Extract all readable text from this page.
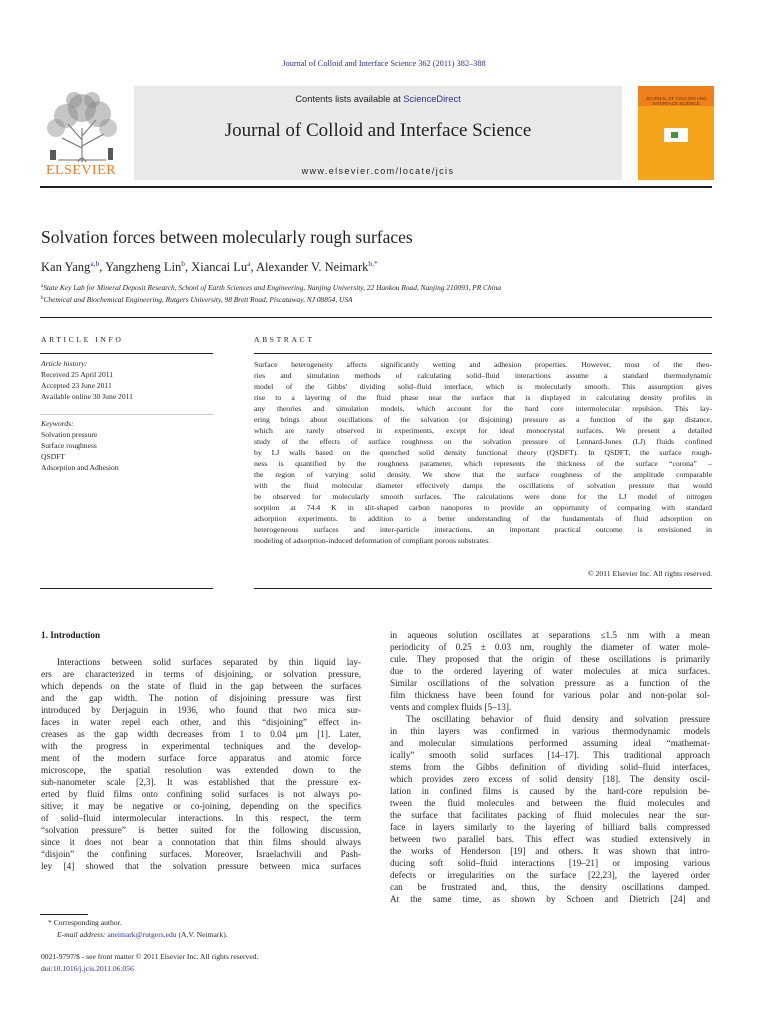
Journal of Colloid and Interface Science 362 (2011) 382–388
ELSEVIER
Contents lists available at ScienceDirect
Journal of Colloid and Interface Science
www.elsevier.com/locate/jcis
JOURNAL OF COLLOID AND INTERFACE SCIENCE
Solvation forces between molecularly rough surfaces
Kan Yang$^{a,b}$, Yangzheng Lin$^b$, Xiancai Lu$^a$, Alexander V. Neimark$^{b,*}$
$^a$State Key Lab for Mineral Deposit Research, School of Earth Sciences and Engineering, Nanjing University, 22 Hankou Road, Nanjing 210093, PR China
$^b$Chemical and Biochemical Engineering, Rutgers University, 98 Brett Road, Piscataway, NJ 08854, USA
ARTICLE INFO
Article history:
Received 25 April 2011
Accepted 23 June 2011
Available online 30 June 2011
Keywords:
Solvation pressure
Surface roughness
QSDFT
Adsorption and Adhesion
ABSTRACT
Surface heterogeneity affects significantly wetting and adhesion properties. However, most of the theo-
ries and simulation methods of calculating solid–fluid interactions assume a standard thermodynamic
model of the Gibbs' dividing solid–fluid interface, which is molecularly smooth. This assumption gives
rise to a layering of the fluid phase near the surface that is displayed in calculating density profiles in
any theories and simulation models, which account for the hard core intermolecular repulsion. This lay-
ering brings about oscillations of the solvation (or disjoining) pressure as a function of the gap distance,
which are rarely observed in experiments, except for ideal monocrystal surfaces. We present a detailed
study of the effects of surface roughness on the solvation pressure of Lennard-Jones (LJ) fluids confined
by LJ walls based on the quenched solid density functional theory (QSDFT). In QSDFT, the surface rough-
ness is quantified by the roughness parameter, which represents the thickness of the surface “corona” –
the region of varying solid density. We show that the surface roughness of the amplitude comparable
with the fluid molecular diameter effectively damps the oscillations of solvation pressure that would
be observed for molecularly smooth surfaces. The calculations were done for the LJ model of nitrogen
sorption at 74.4 K in slit-shaped carbon nanopores to provide an opportunity of comparing with standard
adsorption experiments. In addition to a better understanding of the fundamentals of fluid adsorption on
heterogeneous surfaces and inter-particle interactions, an important practical outcome is envisioned in
modeling of adsorption-induced deformation of compliant porous substrates.
© 2011 Elsevier Inc. All rights reserved.
1. Introduction
Interactions between solid surfaces separated by thin liquid lay-
ers are characterized in terms of disjoining, or solvation pressure,
which depends on the state of fluid in the gap between the surfaces
and the gap width. The notion of disjoining pressure was first
introduced by Derjaguin in 1936, who found that two mica sur-
faces in water repel each other, and this “disjoining” effect in-
creases as the gap width decreases from 1 to 0.04 μm [1]. Later,
with the progress in experimental techniques and the develop-
ment of the modern surface force apparatus and atomic force
microscope, the spatial resolution was extended down to the
sub-nanometer scale [2,3]. It was established that the pressure ex-
erted by fluid films onto confining solid surfaces is not always po-
sitive; it may be negative or co-joining, depending on the specifics
of solid–fluid intermolecular interactions. In this respect, the term
“solvation pressure” is better suited for the following discussion,
since it does not bear a connotation that thin films should always
“disjoin” the confining surfaces. Moreover, Israelachvili and Pash-
ley [4] showed that the solvation pressure between mica surfaces
in aqueous solution oscillates at separations ≤1.5 nm with a mean
periodicity of 0.25 ± 0.03 nm, roughly the diameter of water mole-
cule. They proposed that the origin of these oscillations is primarily
due to the ordered layering of water molecules at mica surfaces.
Similar oscillations of the solvation pressure as a function of the
film thickness have been found for various polar and non-polar sol-
vents and complex fluids [5–13].
The oscillating behavior of fluid density and solvation pressure
in thin layers was confirmed in various thermodynamic models
and molecular simulations performed assuming ideal “mathemat-
ically” smooth solid surfaces [14–17]. This traditional approach
stems from the Gibbs definition of dividing solid–fluid interfaces,
which provides zero excess of solid density [18]. The density oscil-
lation in confined films is caused by the hard-core repulsion be-
tween the fluid molecules and between the fluid molecules and
the surface that facilitates packing of fluid molecules near the sur-
face in layers similarly to the layering of billiard balls compressed
between two parallel bars. This effect was studied extensively in
the works of Henderson [19] and others. It was shown that intro-
ducing soft solid–fluid interactions [19–21] or imposing various
defects or irregularities on the surface [22,23], the layered order
can be frustrated and, thus, the density oscillations damped.
At the same time, as shown by Schoen and Dietrich [24] and
* Corresponding author.
E-mail address: aneimark@rutgers.edu (A.V. Neimark).
0021-9797/$ - see front matter © 2011 Elsevier Inc. All rights reserved.
doi:10.1016/j.jcis.2011.06.056
